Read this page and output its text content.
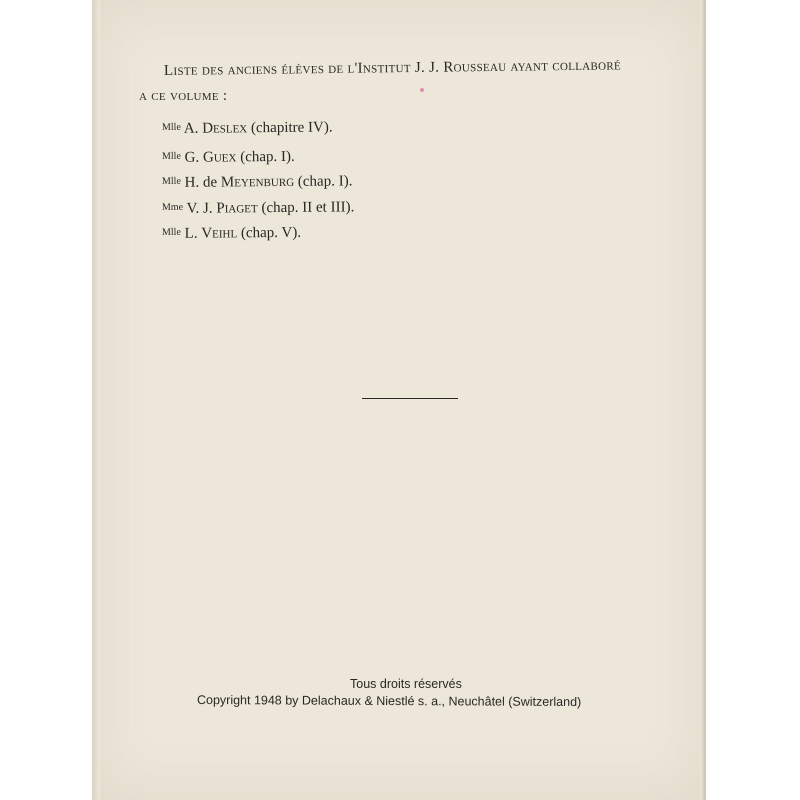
Liste des anciens élèves de l'Institut J. J. Rousseau ayant collaboré
a ce volume :
$^{Mlle}$ A. Deslex (chapitre IV).
$^{Mlle}$ G. Guex (chap. I).
$^{Mlle}$ H. de Meyenburg (chap. I).
$^{Mme}$ V. J. Piaget (chap. II et III).
$^{Mlle}$ L. Veihl (chap. V).
Tous droits réservés
Copyright 1948 by Delachaux & Niestlé s. a., Neuchâtel (Switzerland)
